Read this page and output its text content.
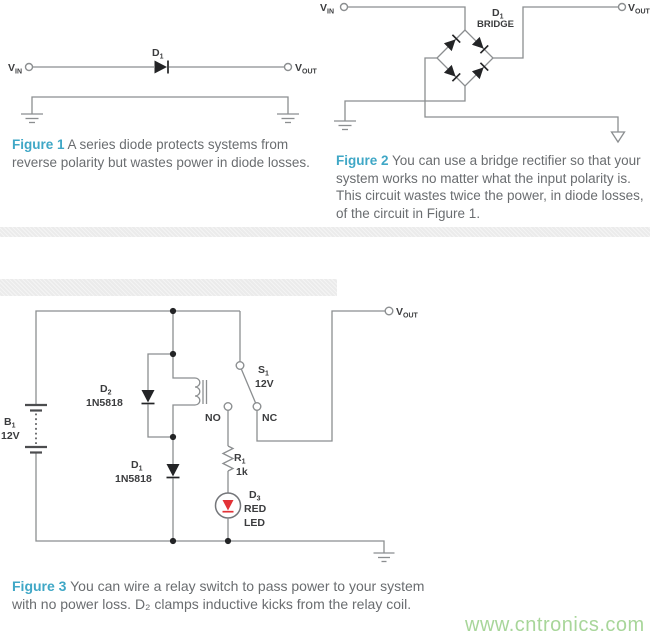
$V_{IN}$
$D_1$
$V_{OUT}$
$V_{IN}$	$D_1$
BRIDGE
$V_{OUT}$
$B_1$
12V
$D_2$
1N5818
$D_1$
1N5818
$S_1$
12V
NO	NC
$V_{OUT}$
$R_1$
1k
$D_3$
RED
LED

Figure 1 A series diode protects systems from reverse polarity but wastes power in diode losses.	Figure 2 You can use a bridge rectifier so that your system works no matter what the input polarity is. This circuit wastes twice the power, in diode losses, of the circuit in Figure 1.

Figure 3 You can wire a relay switch to pass power to your system with no power loss. D₂ clamps inductive kicks from the relay coil.

www.cntronics.com
